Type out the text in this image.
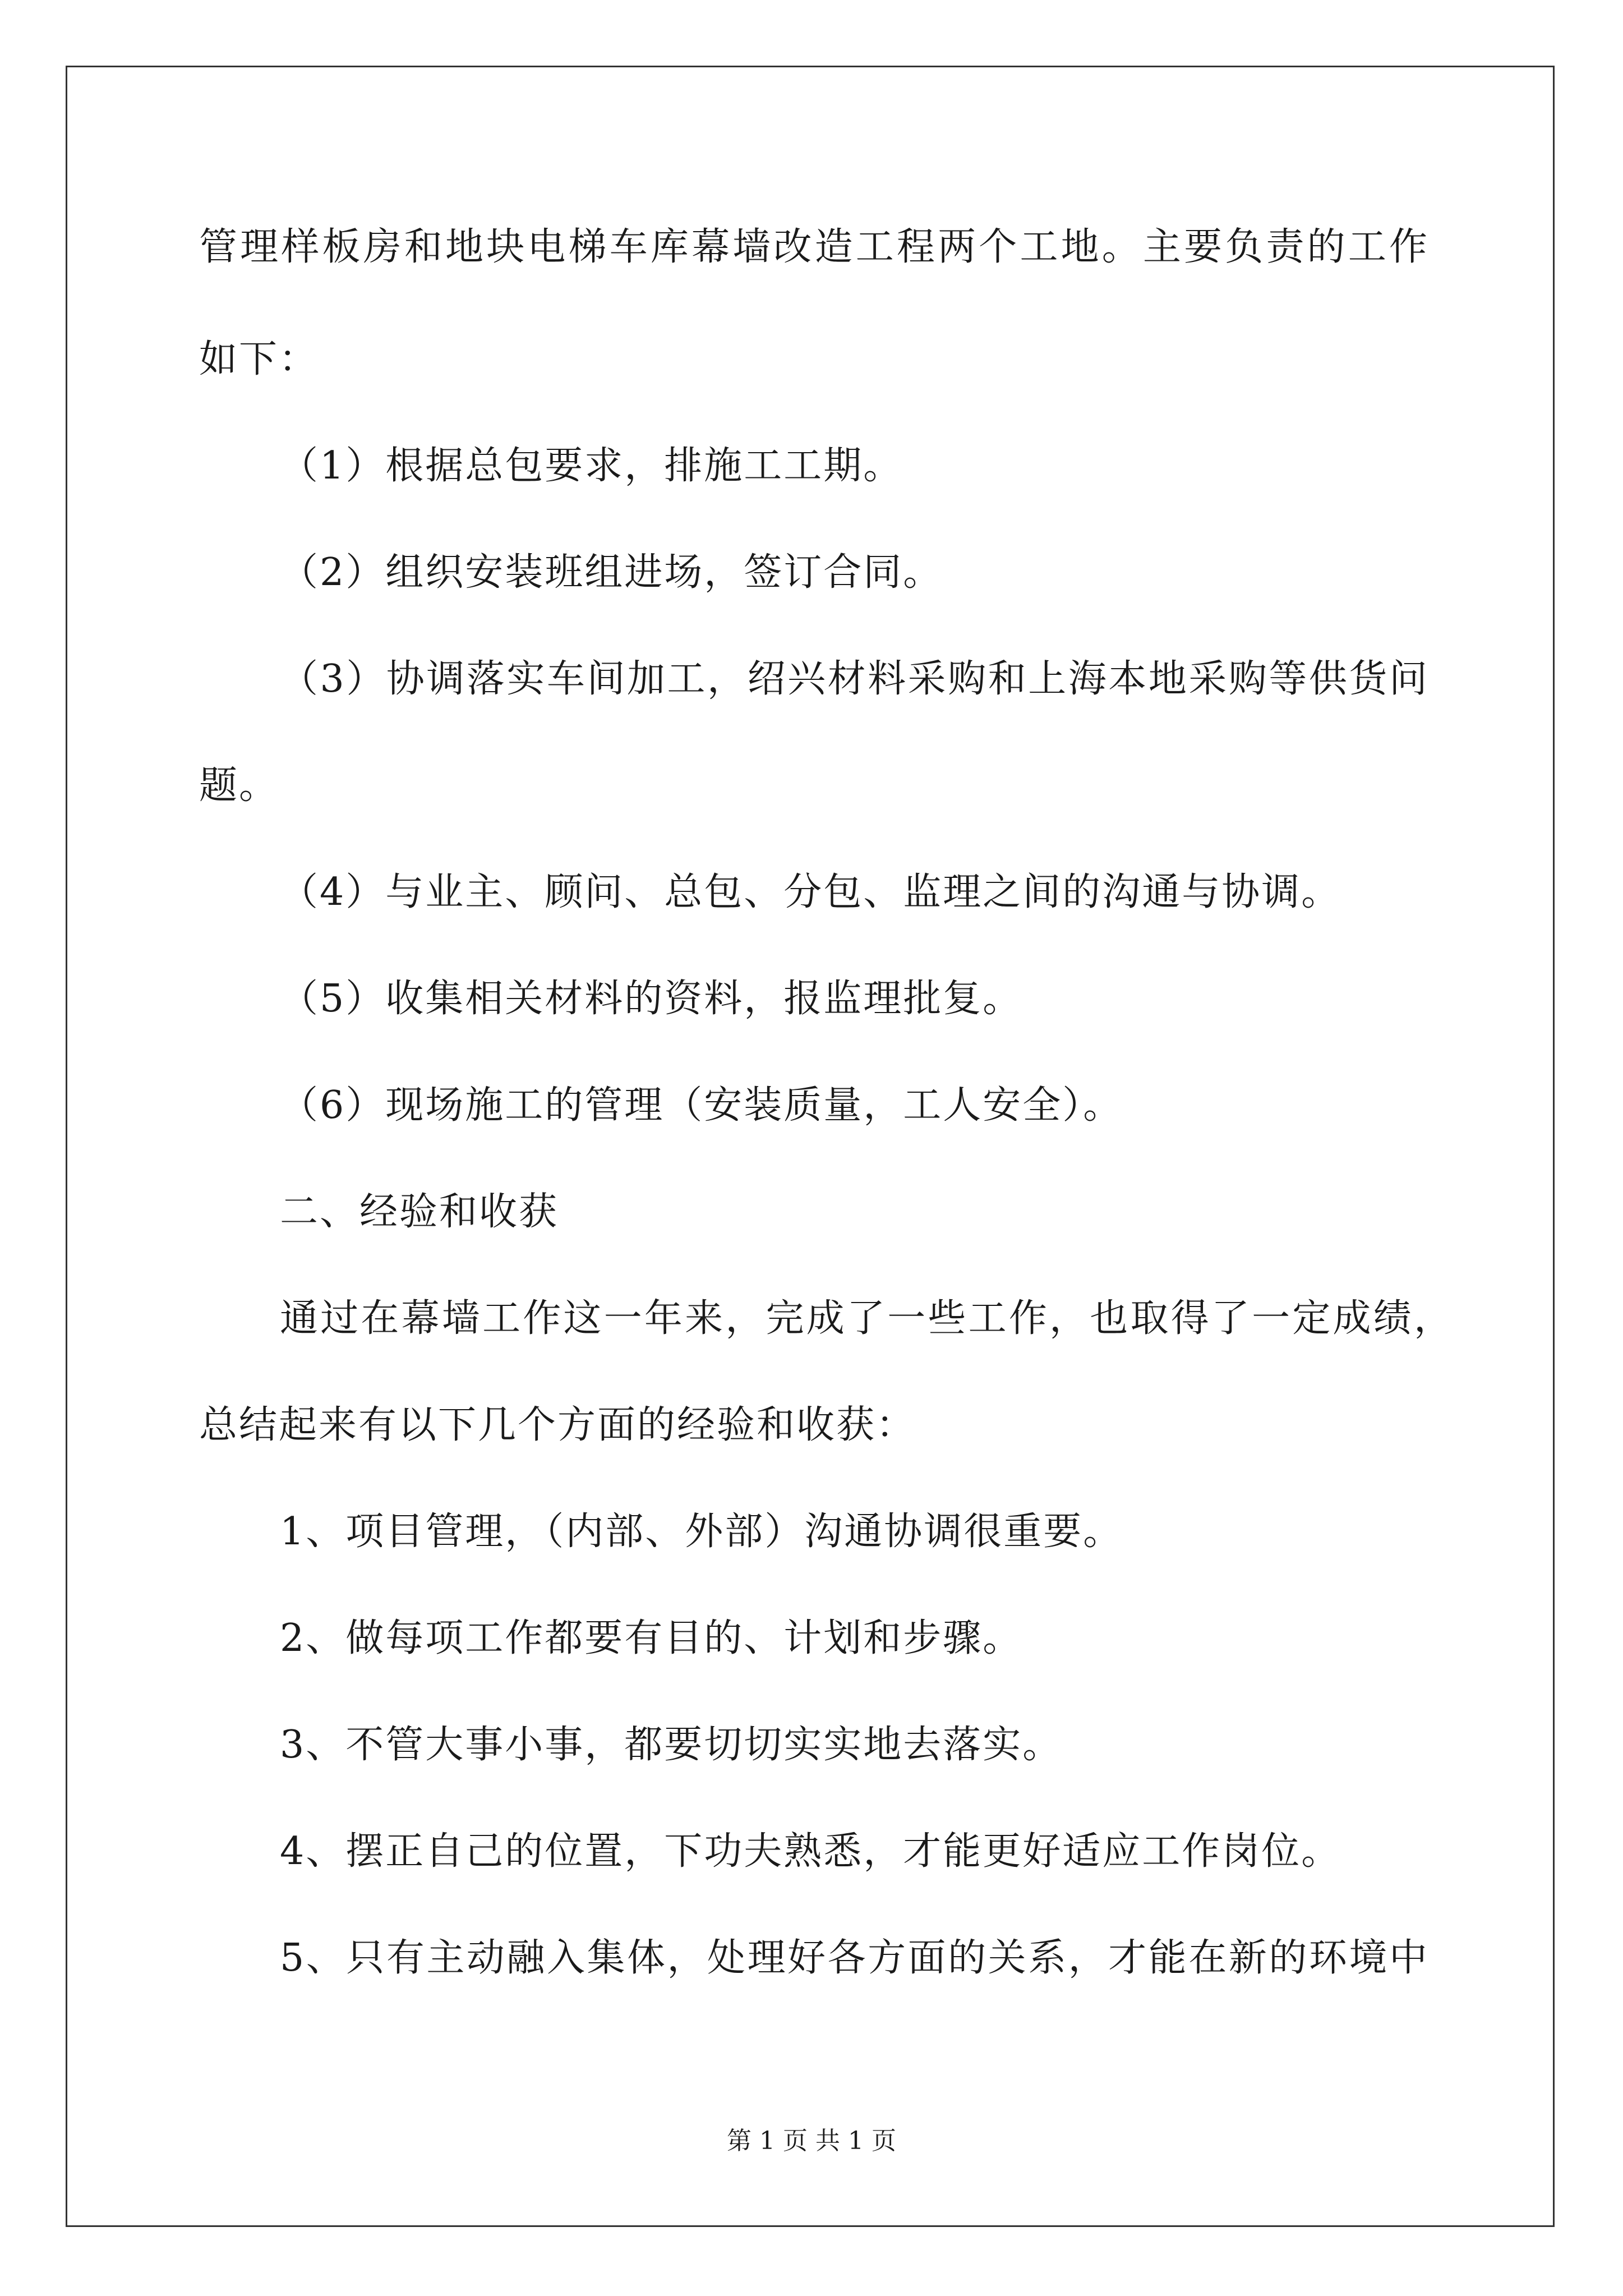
管理样板房和地块电梯车库幕墙改造工程两个工地。主要负责的工作
如下：
（1）根据总包要求，排施工工期。
（2）组织安装班组进场，签订合同。
（3）协调落实车间加工，绍兴材料采购和上海本地采购等供货问
题。
（4）与业主、顾问、总包、分包、监理之间的沟通与协调。
（5）收集相关材料的资料，报监理批复。
（6）现场施工的管理（安装质量，工人安全）。
二、经验和收获
通过在幕墙工作这一年来，完成了一些工作，也取得了一定成绩，
总结起来有以下几个方面的经验和收获：
1、项目管理，（内部、外部）沟通协调很重要。
2、做每项工作都要有目的、计划和步骤。
3、不管大事小事，都要切切实实地去落实。
4、摆正自己的位置，下功夫熟悉，才能更好适应工作岗位。
5、只有主动融入集体，处理好各方面的关系，才能在新的环境中
第 1 页 共 1 页
